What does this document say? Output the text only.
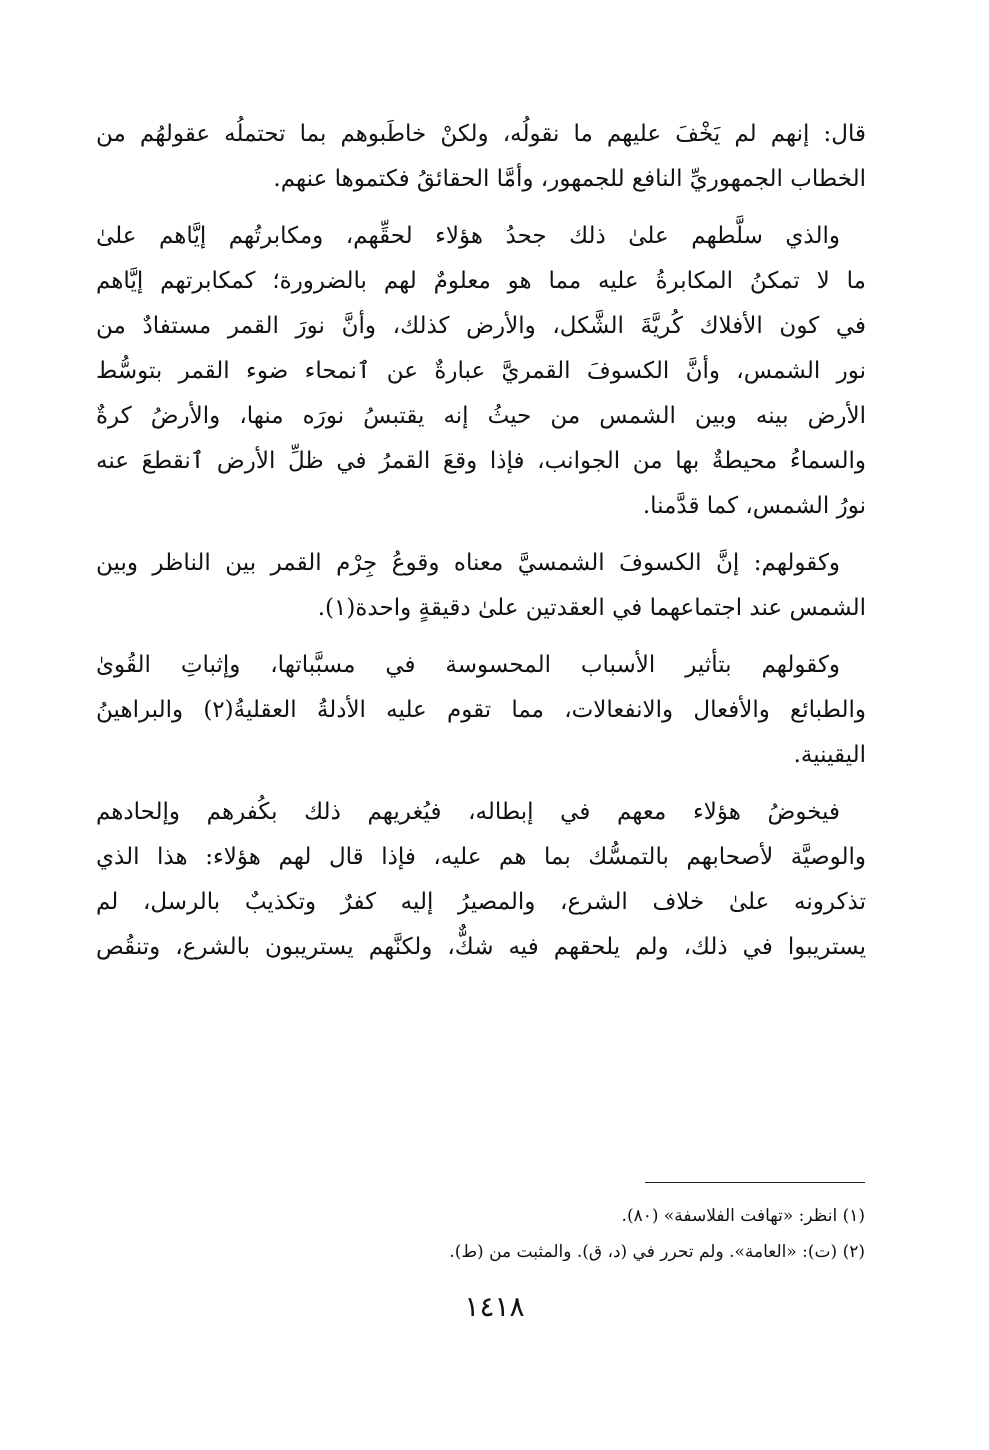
قال: إنهم لم يَخْفَ عليهم ما نقولُه، ولكنْ خاطَبوهم بما تحتملُه عقولهُم من
الخطاب الجمهوريِّ النافع للجمهور، وأمَّا الحقائقُ فكتموها عنهم.
والذي سلَّطهم علىٰ ذلك جحدُ هؤلاء لحقِّهم، ومكابرتُهم إيَّاهم علىٰ
ما لا تمكنُ المكابرةُ عليه مما هو معلومٌ لهم بالضرورة؛ كمكابرتهم إيَّاهم
في كون الأفلاك كُريَّةَ الشَّكل، والأرض كذلك، وأنَّ نورَ القمر مستفادٌ من
نور الشمس، وأنَّ الكسوفَ القمريَّ عبارةٌ عن ٱنمحاء ضوء القمر بتوسُّط
الأرض بينه وبين الشمس من حيثُ إنه يقتبسُ نورَه منها، والأرضُ كرةٌ
والسماءُ محيطةٌ بها من الجوانب، فإذا وقعَ القمرُ في ظلِّ الأرض ٱنقطعَ عنه
نورُ الشمس، كما قدَّمنا.
وكقولهم: إنَّ الكسوفَ الشمسيَّ معناه وقوعُ جِرْم القمر بين الناظر وبين
الشمس عند اجتماعهما في العقدتين علىٰ دقيقةٍ واحدة(١).
وكقولهم بتأثير الأسباب المحسوسة في مسبَّباتها، وإثباتِ القُوىٰ
والطبائع والأفعال والانفعالات، مما تقوم عليه الأدلةُ العقليةُ(٢) والبراهينُ
اليقينية.
فيخوضُ هؤلاء معهم في إبطاله، فيُغريهم ذلك بكُفرهم وإلحادهم
والوصيَّة لأصحابهم بالتمسُّك بما هم عليه، فإذا قال لهم هؤلاء: هذا الذي
تذكرونه علىٰ خلاف الشرع، والمصيرُ إليه كفرٌ وتكذيبٌ بالرسل، لم
يستريبوا في ذلك، ولم يلحقهم فيه شكٌّ، ولكنَّهم يستريبون بالشرع، وتنقُص
(١) انظر: «تهافت الفلاسفة» (٨٠).
(٢) (ت): «العامة». ولم تحرر في (د، ق). والمثبت من (ط).
١٤١٨
